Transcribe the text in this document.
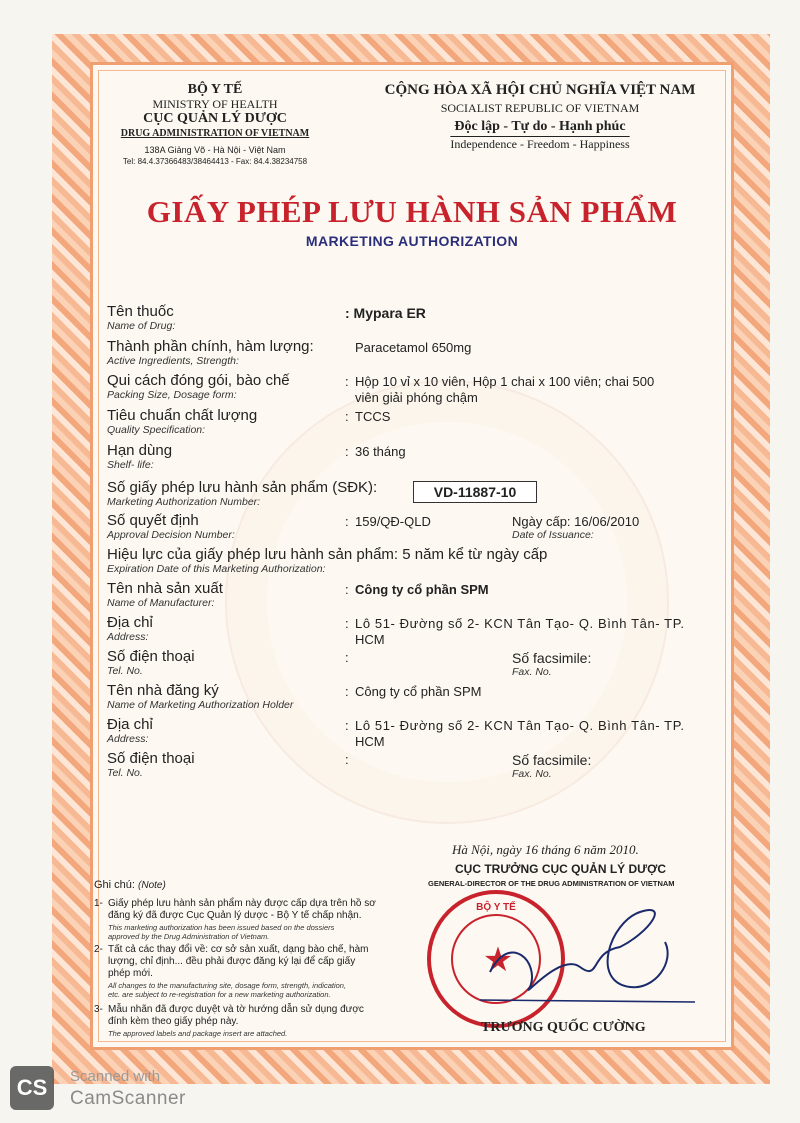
BỘ Y TẾ
MINISTRY OF HEALTH
CỤC QUẢN LÝ DƯỢC
DRUG ADMINISTRATION OF VIETNAM
138A Giảng Võ - Hà Nội - Việt Nam
Tel: 84.4.37366483/38464413 - Fax: 84.4.38234758
CỘNG HÒA XÃ HỘI CHỦ NGHĨA VIỆT NAM
SOCIALIST REPUBLIC OF VIETNAM
Độc lập - Tự do - Hạnh phúc
Independence - Freedom - Happiness
GIẤY PHÉP LƯU HÀNH SẢN PHẨM
MARKETING AUTHORIZATION
Tên thuốc
Name of Drug:
: Mypara ER
Thành phần chính, hàm lượng:
Active Ingredients, Strength:
Paracetamol 650mg
Qui cách đóng gói, bào chế
Packing Size, Dosage form:
: Hộp 10 vỉ x 10 viên, Hộp 1 chai x 100 viên; chai 500
viên giải phóng chậm
Tiêu chuẩn chất lượng
Quality Specification:
: TCCS
Hạn dùng
Shelf- life:
: 36 tháng
Số giấy phép lưu hành sản phẩm (SĐK):
Marketing Authorization Number:
VD-11887-10
Số quyết định
Approval Decision Number:
: 159/QĐ-QLD	Ngày cấp: 16/06/2010
Date of Issuance:
Hiệu lực của giấy phép lưu hành sản phẩm: 5 năm kể từ ngày cấp
Expiration Date of this Marketing Authorization:
Tên nhà sản xuất
Name of Manufacturer:
: Công ty cổ phần SPM
Địa chỉ
Address:
: Lô 51- Đường số 2- KCN Tân Tạo- Q. Bình Tân- TP.
HCM
Số điện thoại
Tel. No.
:	Số facsimile:
Fax. No.
Tên nhà đăng ký
Name of Marketing Authorization Holder
: Công ty cổ phần SPM
Địa chỉ
Address:
: Lô 51- Đường số 2- KCN Tân Tạo- Q. Bình Tân- TP.
HCM
Số điện thoại
Tel. No.
:	Số facsimile:
Fax. No.
Hà Nội, ngày 16 tháng 6 năm 2010.
CỤC TRƯỞNG CỤC QUẢN LÝ DƯỢC
GENERAL-DIRECTOR OF THE DRUG ADMINISTRATION OF VIETNAM
BỘ Y TẾ
★
TRƯƠNG QUỐC CƯỜNG
Ghi chú: (Note)
1- Giấy phép lưu hành sản phẩm này được cấp dựa trên hồ sơ
đăng ký đã được Cục Quản lý dược - Bộ Y tế chấp nhận.
This marketing authorization has been issued based on the dossiers
approved by the Drug Administration of Vietnam.
2- Tất cả các thay đổi về: cơ sở sản xuất, dạng bào chế, hàm
lượng, chỉ định... đều phải được đăng ký lại để cấp giấy
phép mới.
All changes to the manufacturing site, dosage form, strength, indication,
etc. are subject to re-registration for a new marketing authorization.
3- Mẫu nhãn đã được duyệt và tờ hướng dẫn sử dụng được
đính kèm theo giấy phép này.
The approved labels and package insert are attached.
CS	Scanned with
CamScanner
